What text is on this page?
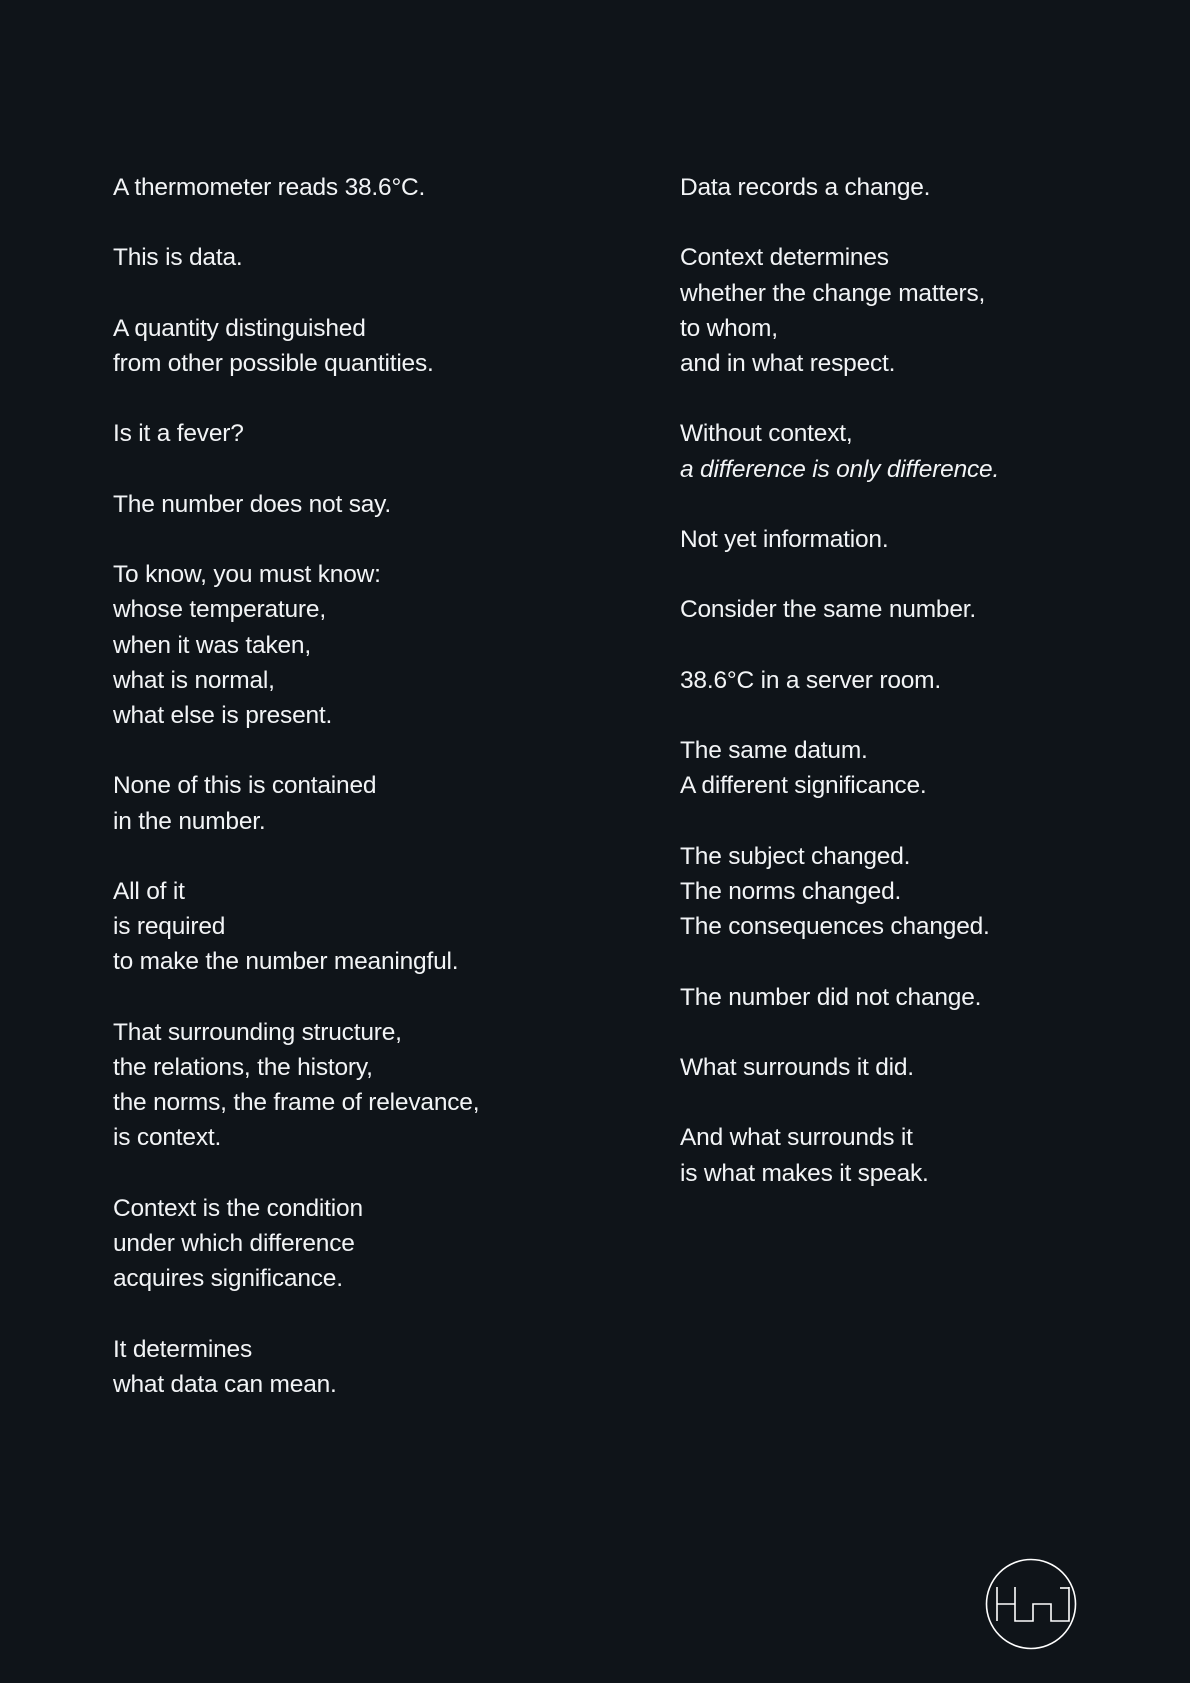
A thermometer reads 38.6°C.

This is data.

A quantity distinguished
from other possible quantities.

Is it a fever?

The number does not say.

To know, you must know:
whose temperature,
when it was taken,
what is normal,
what else is present.

None of this is contained
in the number.

All of it
is required
to make the number meaningful.

That surrounding structure,
the relations, the history,
the norms, the frame of relevance,
is context.

Context is the condition
under which difference
acquires significance.

It determines
what data can mean.

Data records a change.

Context determines
whether the change matters,
to whom,
and in what respect.

Without context,
a difference is only difference.

Not yet information.

Consider the same number.

38.6°C in a server room.

The same datum.
A different significance.

The subject changed.
The norms changed.
The consequences changed.

The number did not change.

What surrounds it did.

And what surrounds it
is what makes it speak.
